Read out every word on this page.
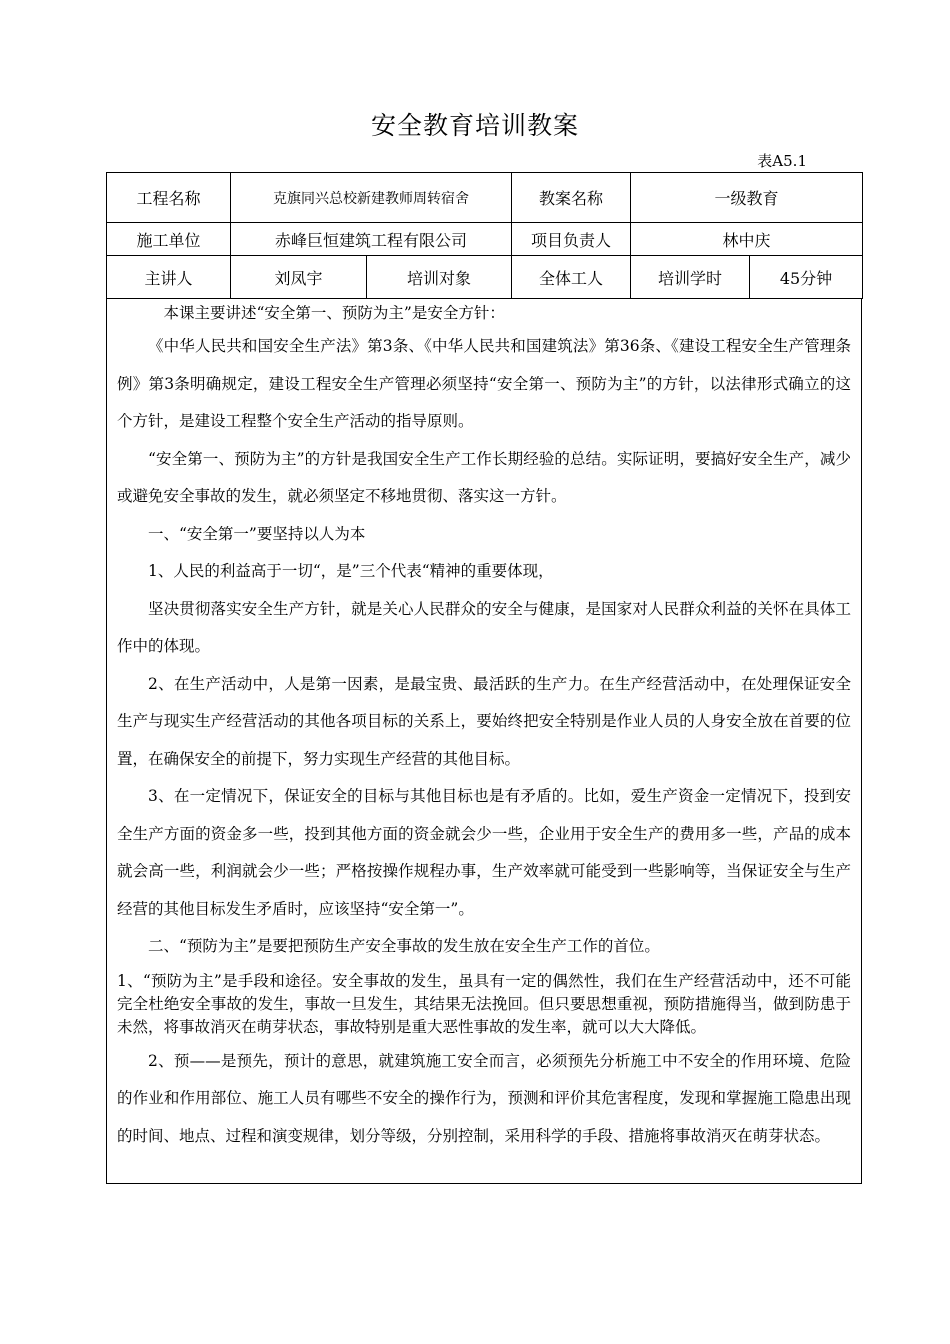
安全教育培训教案
表A5.1
工程名称	克旗同兴总校新建教师周转宿舍		教案名称	一级教育	
施工单位	赤峰巨恒建筑工程有限公司		项目负责人	林中庆	
主讲人	刘凤宇	培训对象	全体工人	培训学时	45分钟

本课主要讲述“安全第一、预防为主”是安全方针：

《中华人民共和国安全生产法》第3条、《中华人民共和国建筑法》第36条、《建设工程安全生产管理条例》第3条明确规定，建设工程安全生产管理必须坚持“安全第一、预防为主”的方针，以法律形式确立的这个方针，是建设工程整个安全生产活动的指导原则。

“安全第一、预防为主”的方针是我国安全生产工作长期经验的总结。实际证明，要搞好安全生产，减少或避免安全事故的发生，就必须坚定不移地贯彻、落实这一方针。

一、“安全第一”要坚持以人为本

1、人民的利益高于一切“，是”三个代表“精神的重要体现，

坚决贯彻落实安全生产方针，就是关心人民群众的安全与健康，是国家对人民群众利益的关怀在具体工作中的体现。

2、在生产活动中，人是第一因素，是最宝贵、最活跃的生产力。在生产经营活动中，在处理保证安全生产与现实生产经营活动的其他各项目标的关系上，要始终把安全特别是作业人员的人身安全放在首要的位置，在确保安全的前提下，努力实现生产经营的其他目标。

3、在一定情况下，保证安全的目标与其他目标也是有矛盾的。比如，爱生产资金一定情况下，投到安全生产方面的资金多一些，投到其他方面的资金就会少一些，企业用于安全生产的费用多一些，产品的成本就会高一些，利润就会少一些；严格按操作规程办事，生产效率就可能受到一些影响等，当保证安全与生产经营的其他目标发生矛盾时，应该坚持“安全第一”。

二、“预防为主”是要把预防生产安全事故的发生放在安全生产工作的首位。

1、“预防为主”是手段和途径。安全事故的发生，虽具有一定的偶然性，我们在生产经营活动中，还不可能完全杜绝安全事故的发生，事故一旦发生，其结果无法挽回。但只要思想重视，预防措施得当，做到防患于未然，将事故消灭在萌芽状态，事故特别是重大恶性事故的发生率，就可以大大降低。

2、预——是预先，预计的意思，就建筑施工安全而言，必须预先分析施工中不安全的作用环境、危险的作业和作用部位、施工人员有哪些不安全的操作行为，预测和评价其危害程度，发现和掌握施工隐患出现的时间、地点、过程和演变规律，划分等级，分别控制，采用科学的手段、措施将事故消灭在萌芽状态。
